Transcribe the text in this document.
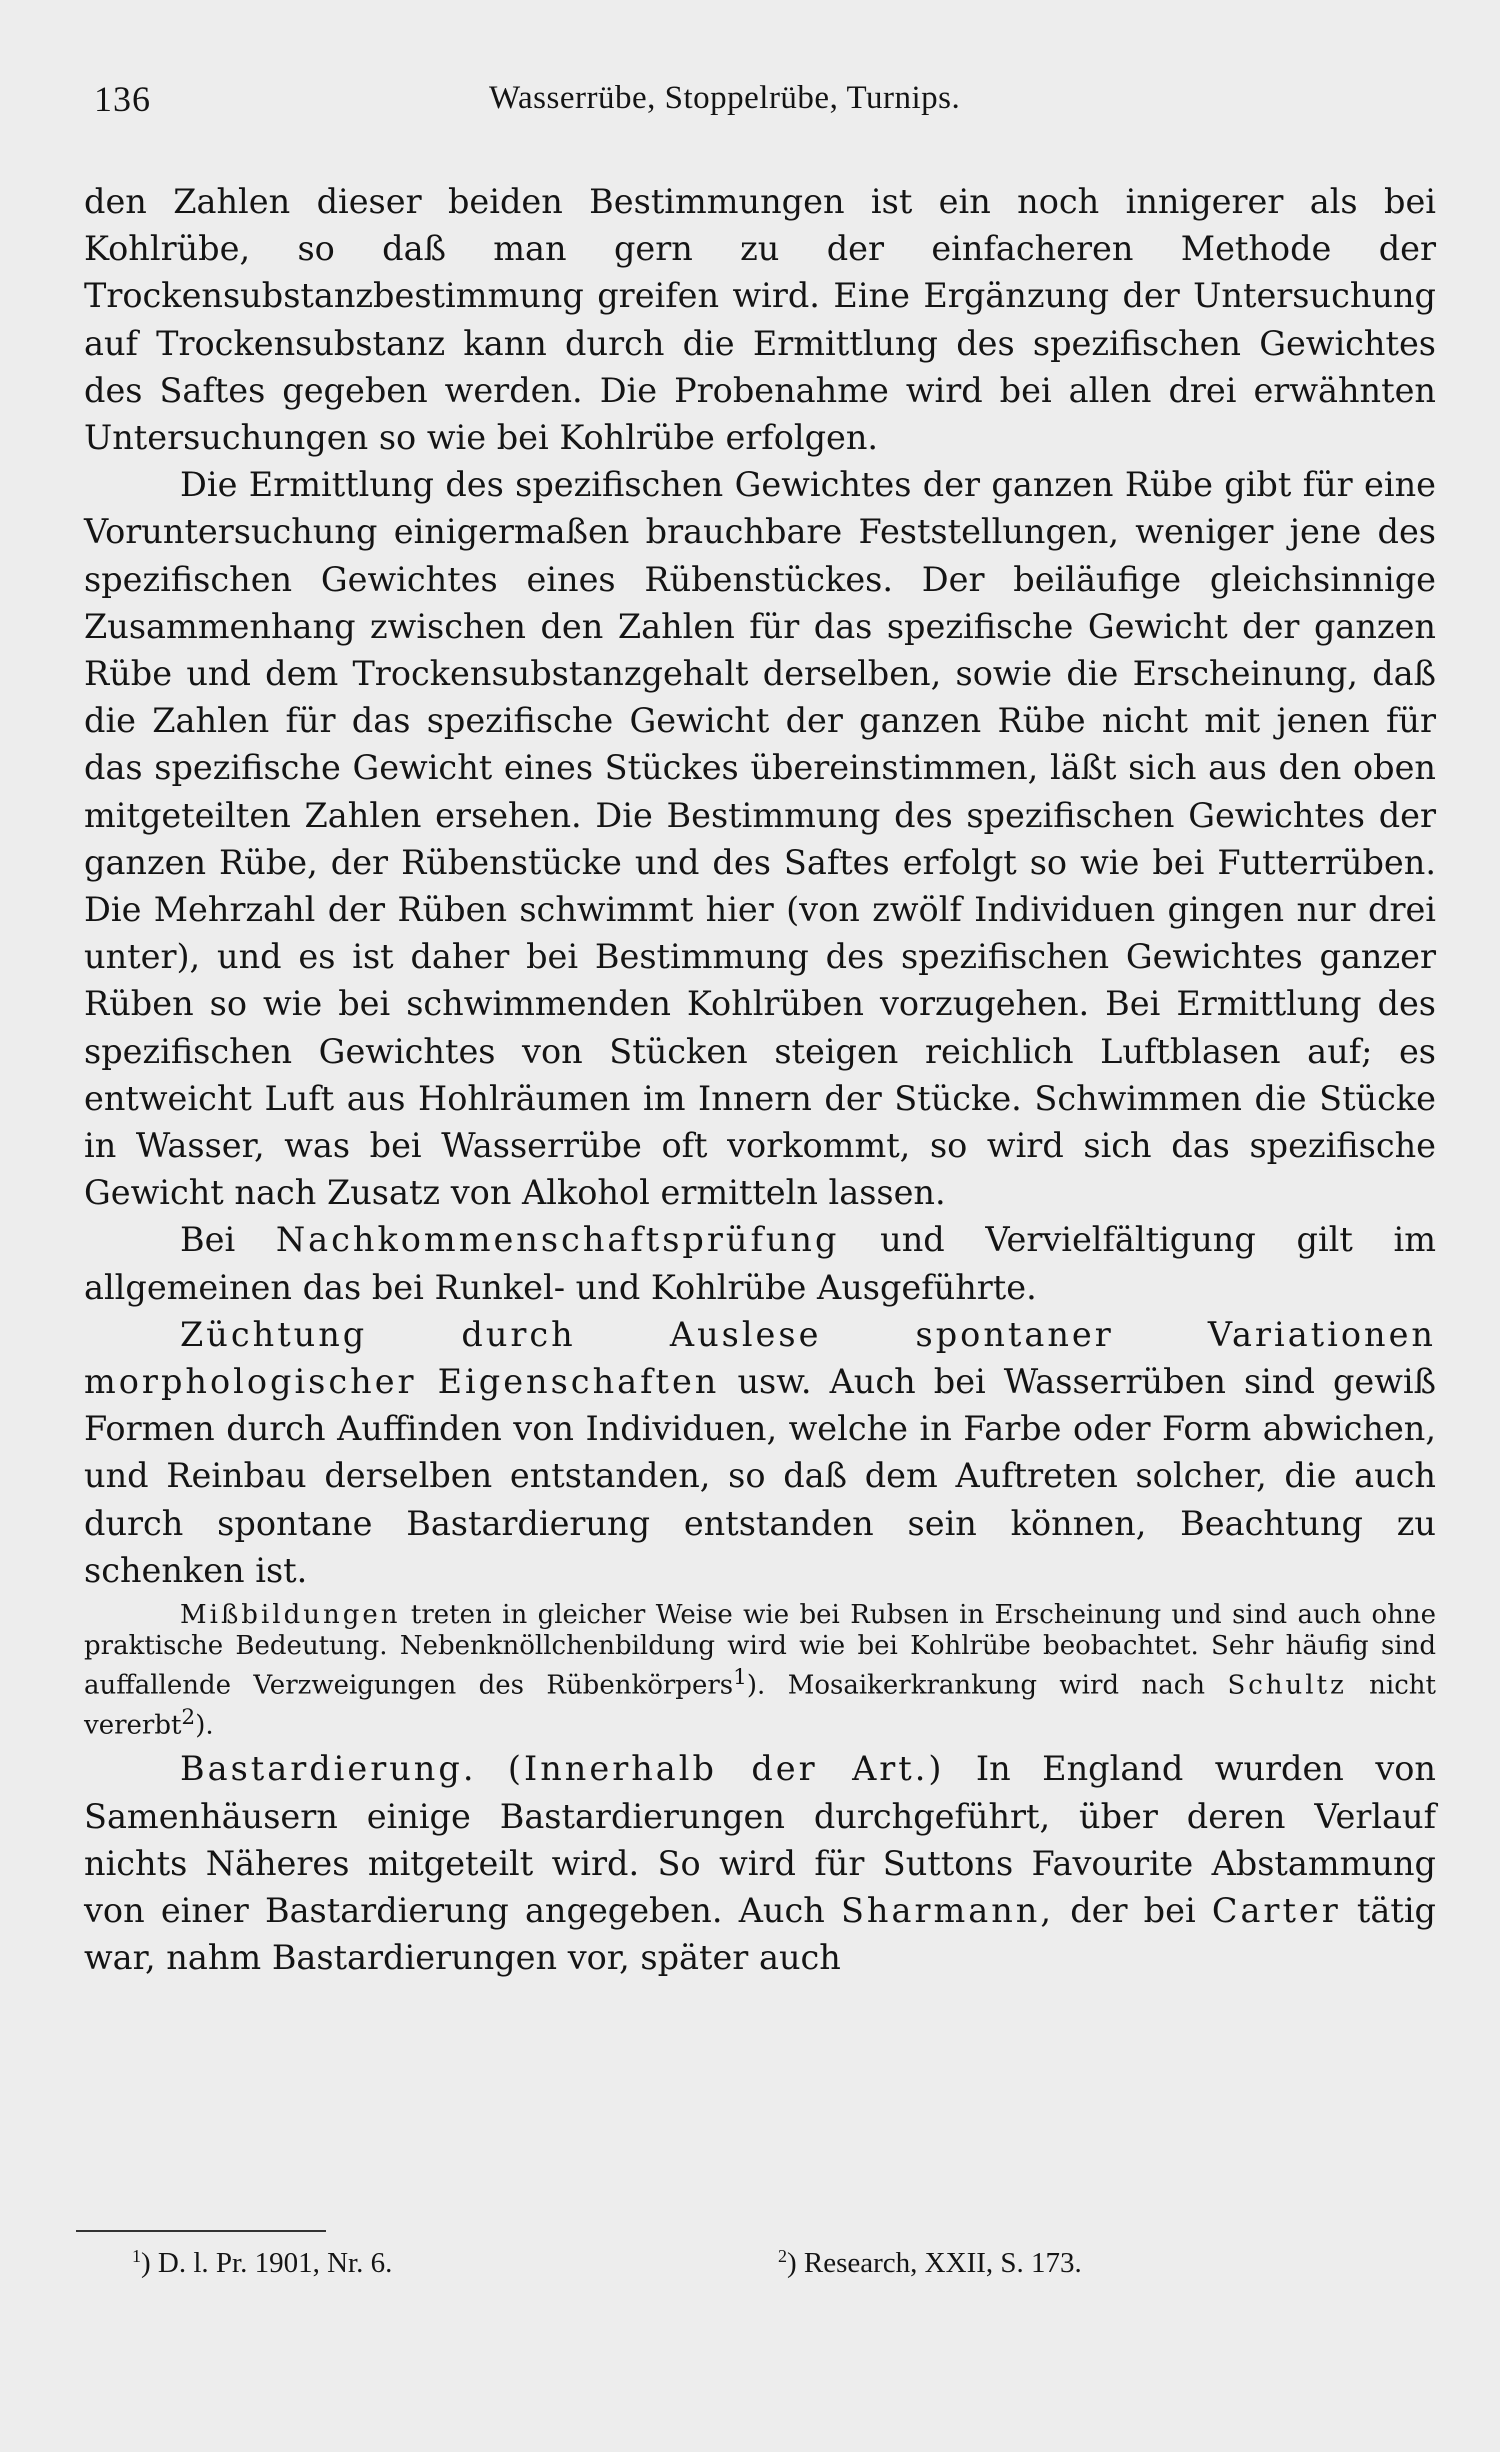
136	Wasserrübe, Stoppelrübe, Turnips.

den Zahlen dieser beiden Bestimmungen ist ein noch innigerer als bei Kohlrübe, so daß man gern zu der einfacheren Methode der Trockensubstanzbestimmung greifen wird. Eine Ergänzung der Untersuchung auf Trockensubstanz kann durch die Ermittlung des spezifischen Gewichtes des Saftes gegeben werden. Die Probenahme wird bei allen drei erwähnten Untersuchungen so wie bei Kohlrübe erfolgen.

Die Ermittlung des spezifischen Gewichtes der ganzen Rübe gibt für eine Voruntersuchung einigermaßen brauchbare Feststellungen, weniger jene des spezifischen Gewichtes eines Rübenstückes. Der beiläufige gleichsinnige Zusammenhang zwischen den Zahlen für das spezifische Gewicht der ganzen Rübe und dem Trockensubstanzgehalt derselben, sowie die Erscheinung, daß die Zahlen für das spezifische Gewicht der ganzen Rübe nicht mit jenen für das spezifische Gewicht eines Stückes übereinstimmen, läßt sich aus den oben mitgeteilten Zahlen ersehen. Die Bestimmung des spezifischen Gewichtes der ganzen Rübe, der Rübenstücke und des Saftes erfolgt so wie bei Futterrüben. Die Mehrzahl der Rüben schwimmt hier (von zwölf Individuen gingen nur drei unter), und es ist daher bei Bestimmung des spezifischen Gewichtes ganzer Rüben so wie bei schwimmenden Kohlrüben vorzugehen. Bei Ermittlung des spezifischen Gewichtes von Stücken steigen reichlich Luftblasen auf; es entweicht Luft aus Hohlräumen im Innern der Stücke. Schwimmen die Stücke in Wasser, was bei Wasserrübe oft vorkommt, so wird sich das spezifische Gewicht nach Zusatz von Alkohol ermitteln lassen.

Bei Nachkommenschaftsprüfung und Vervielfältigung gilt im allgemeinen das bei Runkel- und Kohlrübe Ausgeführte.

Züchtung durch Auslese spontaner Variationen morphologischer Eigenschaften usw. Auch bei Wasserrüben sind gewiß Formen durch Auffinden von Individuen, welche in Farbe oder Form abwichen, und Reinbau derselben entstanden, so daß dem Auftreten solcher, die auch durch spontane Bastardierung entstanden sein können, Beachtung zu schenken ist.

Mißbildungen treten in gleicher Weise wie bei Rubsen in Erscheinung und sind auch ohne praktische Bedeutung. Nebenknöllchenbildung wird wie bei Kohlrübe beobachtet. Sehr häufig sind auffallende Verzweigungen des Rübenkörpers$^1$). Mosaikerkrankung wird nach Schultz nicht vererbt$^2$).

Bastardierung. (Innerhalb der Art.) In England wurden von Samenhäusern einige Bastardierungen durchgeführt, über deren Verlauf nichts Näheres mitgeteilt wird. So wird für Suttons Favourite Abstammung von einer Bastardierung angegeben. Auch Sharmann, der bei Carter tätig war, nahm Bastardierungen vor, später auch

$^1$) D. l. Pr. 1901, Nr. 6.	$^2$) Research, XXII, S. 173.
